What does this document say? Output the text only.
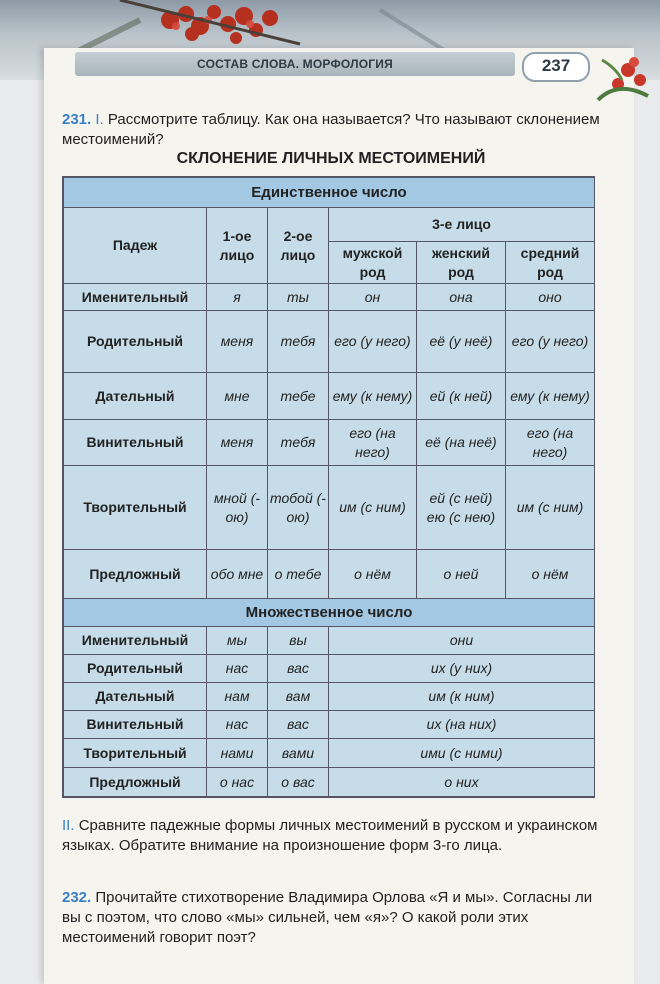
СОСТАВ СЛОВА. МОРФОЛОГИЯ	237
231. I. Рассмотрите таблицу. Как она называется? Что называют склонением местоимений?
СКЛОНЕНИЕ ЛИЧНЫХ МЕСТОИМЕНИЙ
Единственное число					
Падеж	1-ое лицо	2-ое лицо	3-е лицо		
			мужской род	женский род	средний род
Именительный	я	ты	он	она	оно
Родительный	меня	тебя	его (у него)	её (у неё)	его (у него)
Дательный	мне	тебе	ему (к нему)	ей (к ней)	ему (к нему)
Винительный	меня	тебя	его (на него)	её (на неё)	его (на него)
Творительный	мной (-ою)	тобой (-ою)	им (с ним)	ей (с ней) ею (с нею)	им (с ним)
Предложный	обо мне	о тебе	о нём	о ней	о нём
Множественное число					
Именительный	мы	вы	они		
Родительный	нас	вас	их (у них)		
Дательный	нам	вам	им (к ним)		
Винительный	нас	вас	их (на них)		
Творительный	нами	вами	ими (с ними)		
Предложный	о нас	о вас	о них		
II. Сравните падежные формы личных местоимений в русском и украинском языках. Обратите внимание на произношение форм 3-го лица.
232. Прочитайте стихотворение Владимира Орлова «Я и мы». Согласны ли вы с поэтом, что слово «мы» сильней, чем «я»? О какой роли этих местоимений говорит поэт?
